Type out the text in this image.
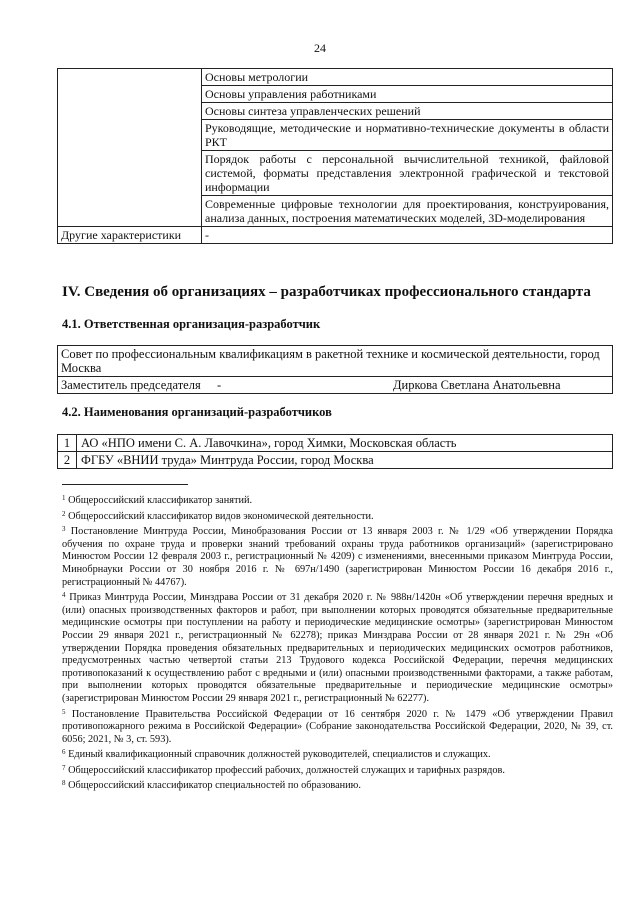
24
	Основы метрологии
	Основы управления работниками
	Основы синтеза управленческих решений
	Руководящие, методические и нормативно-технические документы в области РКТ
	Порядок работы с персональной вычислительной техникой, файловой системой, форматы представления электронной графической и текстовой информации
	Современные цифровые технологии для проектирования, конструирования, анализа данных, построения математических моделей, 3D-моделирования
Другие характеристики	-
IV. Сведения об организациях – разработчиках профессионального стандарта
4.1. Ответственная организация-разработчик
Совет по профессиональным квалификациям в ракетной технике и космической деятельности, город Москва
Заместитель председателя	-	Диркова Светлана Анатольевна
4.2. Наименования организаций-разработчиков
1	АО «НПО имени С. А. Лавочкина», город Химки, Московская область
2	ФГБУ «ВНИИ труда» Минтруда России, город Москва

$^1$ Общероссийский классификатор занятий.

$^2$ Общероссийский классификатор видов экономической деятельности.

$^3$ Постановление Минтруда России, Минобразования России от 13 января 2003 г. № 1/29 «Об утверждении Порядка обучения по охране труда и проверки знаний требований охраны труда работников организаций» (зарегистрировано Минюстом России 12 февраля 2003 г., регистрационный № 4209) с изменениями, внесенными приказом Минтруда России, Минобрнауки России от 30 ноября 2016 г. № 697н/1490 (зарегистрирован Минюстом России 16 декабря 2016 г., регистрационный № 44767).

$^4$ Приказ Минтруда России, Минздрава России от 31 декабря 2020 г. № 988н/1420н «Об утверждении перечня вредных и (или) опасных производственных факторов и работ, при выполнении которых проводятся обязательные предварительные медицинские осмотры при поступлении на работу и периодические медицинские осмотры» (зарегистрирован Минюстом России 29 января 2021 г., регистрационный № 62278); приказ Минздрава России от 28 января 2021 г. № 29н «Об утверждении Порядка проведения обязательных предварительных и периодических медицинских осмотров работников, предусмотренных частью четвертой статьи 213 Трудового кодекса Российской Федерации, перечня медицинских противопоказаний к осуществлению работ с вредными и (или) опасными производственными факторами, а также работам, при выполнении которых проводятся обязательные предварительные и периодические медицинские осмотры» (зарегистрирован Минюстом России 29 января 2021 г., регистрационный № 62277).

$^5$ Постановление Правительства Российской Федерации от 16 сентября 2020 г. № 1479 «Об утверждении Правил противопожарного режима в Российской Федерации» (Собрание законодательства Российской Федерации, 2020, № 39, ст. 6056; 2021, № 3, ст. 593).

$^6$ Единый квалификационный справочник должностей руководителей, специалистов и служащих.

$^7$ Общероссийский классификатор профессий рабочих, должностей служащих и тарифных разрядов.

$^8$ Общероссийский классификатор специальностей по образованию.
